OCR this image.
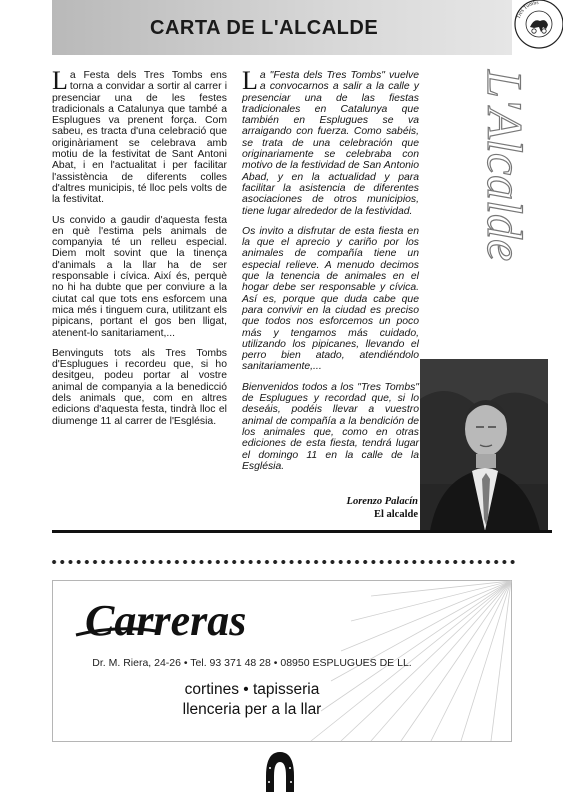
CARTA DE L'ALCALDE	Tres Tombs
L'Alcalde

La Festa dels Tres Tombs ens torna a convidar a sortir al carrer i presenciar una de les festes tradicionals a Catalunya que també a Esplugues va prenent força. Com sabeu, es tracta d'una celebració que originàriament se celebrava amb motiu de la festivitat de Sant Antoni Abat, i en l'actualitat i per facilitar l'assistència de diferents colles d'altres municipis, té lloc pels volts de la festivitat.

Us convido a gaudir d'aquesta festa en què l'estima pels animals de companyia té un relleu especial. Diem molt sovint que la tinença d'animals a la llar ha de ser responsable i cívica. Així és, perquè no hi ha dubte que per conviure a la ciutat cal que tots ens esforcem una mica més i tinguem cura, utilitzant els pipicans, portant el gos ben lligat, atenent-lo sanitariament,...

Benvinguts tots als Tres Tombs d'Esplugues i recordeu que, si ho desitgeu, podeu portar al vostre animal de companyia a la benedicció dels animals que, com en altres edicions d'aquesta festa, tindrà lloc el diumenge 11 al carrer de l'Església.

La "Festa dels Tres Tombs" vuelve a convocarnos a salir a la calle y presenciar una de las fiestas tradicionales en Catalunya que también en Esplugues se va arraigando con fuerza. Como sabéis, se trata de una celebración que originariamente se celebraba con motivo de la festividad de San Antonio Abad, y en la actualidad y para facilitar la asistencia de diferentes asociaciones de otros municipios, tiene lugar alrededor de la festividad.

Os invito a disfrutar de esta fiesta en la que el aprecio y cariño por los animales de compañía tiene un especial relieve. A menudo decimos que la tenencia de animales en el hogar debe ser responsable y cívica. Así es, porque que duda cabe que para convivir en la ciudad es preciso que todos nos esforcemos un poco más y tengamos más cuidado, utilizando los pipicanes, llevando el perro bien atado, atendiéndolo sanitariamente,...

Bienvenidos todos a los "Tres Tombs" de Esplugues y recordad que, si lo deseáis, podéis llevar a vuestro animal de compañía a la bendición de los animales que, como en otras ediciones de esta fiesta, tendrá lugar el domingo 11 en la calle de la Església.

Lorenzo Palacín
El alcalde
Carreras
Dr. M. Riera, 24-26 • Tel. 93 371 48 28 • 08950 ESPLUGUES DE LL.
cortines • tapisseria
llenceria per a la llar
5
